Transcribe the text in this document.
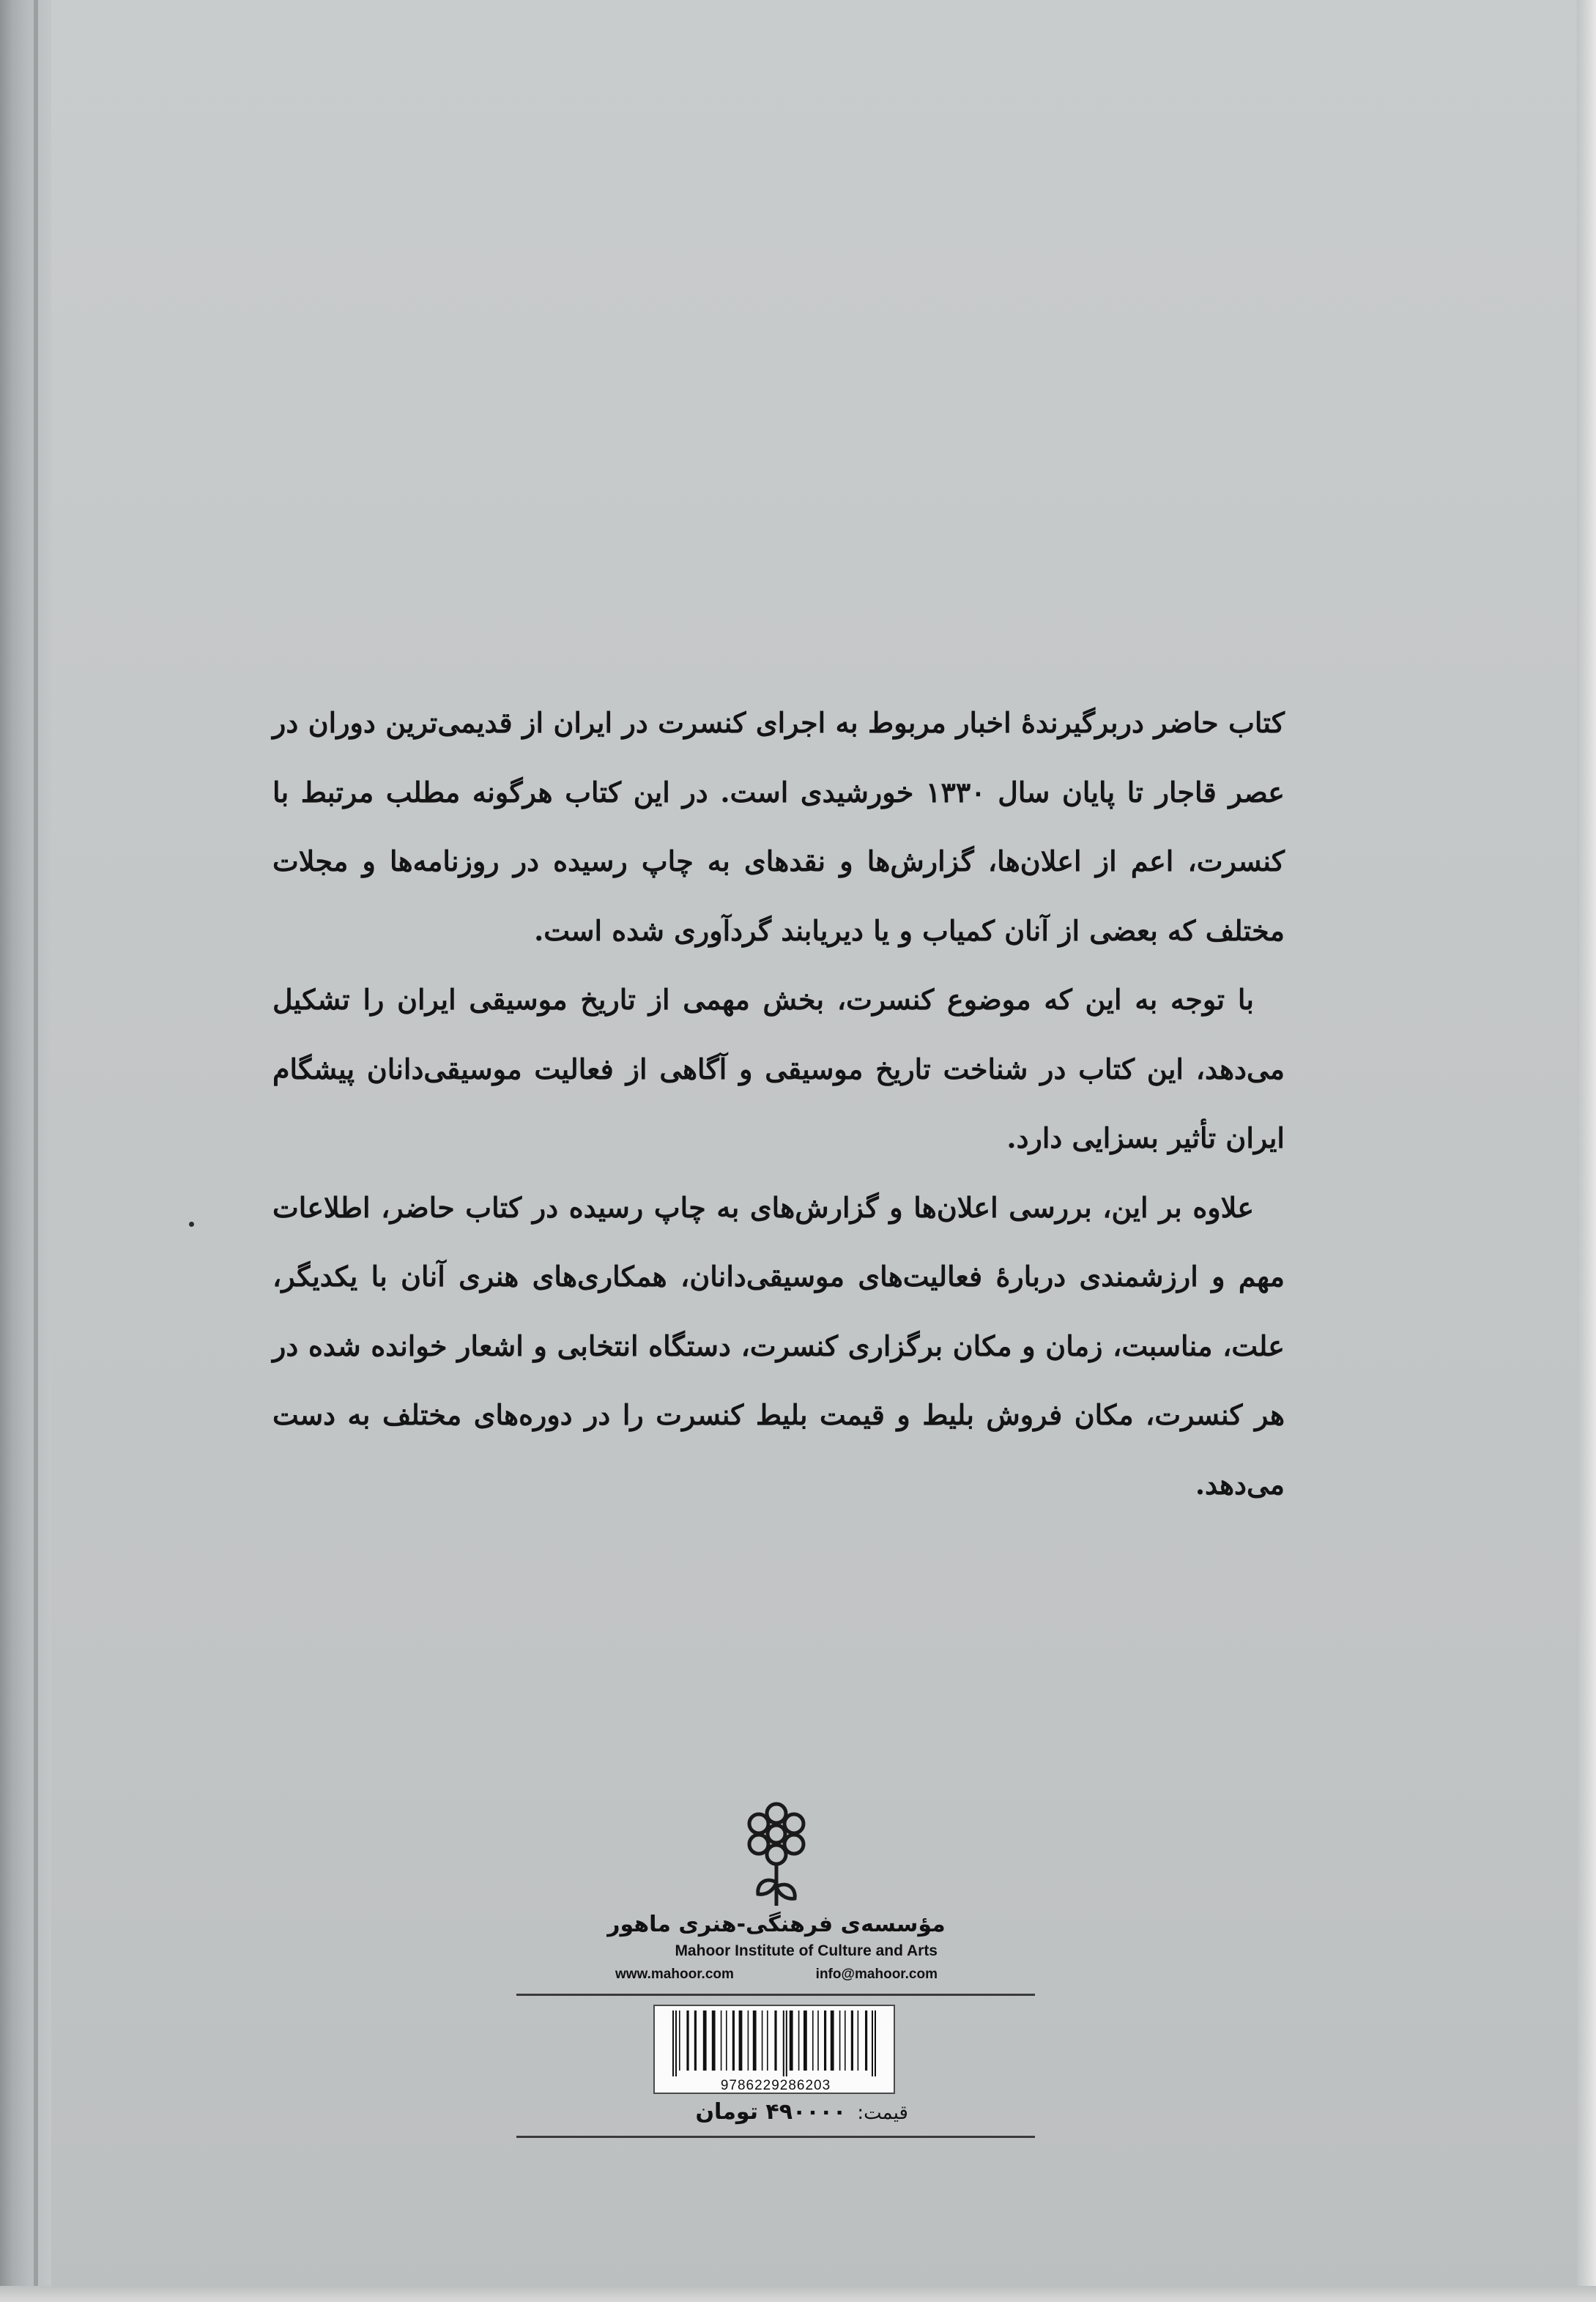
کتاب حاضر دربرگیرندهٔ اخبار مربوط به اجرای کنسرت در ایران از قدیمی‌ترین دوران در عصر قاجار تا پایان سال ۱۳۳۰ خورشیدی است. در این کتاب هرگونه مطلب مرتبط با کنسرت، اعم از اعلان‌ها، گزارش‌ها و نقدهای به چاپ رسیده در روزنامه‌ها و مجلات مختلف که بعضی از آنان کمیاب و یا دیریابند گردآوری شده است.

با توجه به این که موضوع کنسرت، بخش مهمی از تاریخ موسیقی ایران را تشکیل می‌دهد، این کتاب در شناخت تاریخ موسیقی و آگاهی از فعالیت موسیقی‌دانان پیشگام ایران تأثیر بسزایی دارد.

علاوه بر این، بررسی اعلان‌ها و گزارش‌های به چاپ رسیده در کتاب حاضر، اطلاعات مهم و ارزشمندی دربارهٔ فعالیت‌های موسیقی‌دانان، همکاری‌های هنری آنان با یکدیگر، علت، مناسبت، زمان و مکان برگزاری کنسرت، دستگاه انتخابی و اشعار خوانده شده در هر کنسرت، مکان فروش بلیط و قیمت بلیط کنسرت را در دوره‌های مختلف به دست می‌دهد.

مؤسسه‌ی فرهنگی-هنری ماهور
Mahoor Institute of Culture and Arts
www.mahoor.com	info@mahoor.com
9786229286203
قیمت: ۴۹۰۰۰۰ تومان
